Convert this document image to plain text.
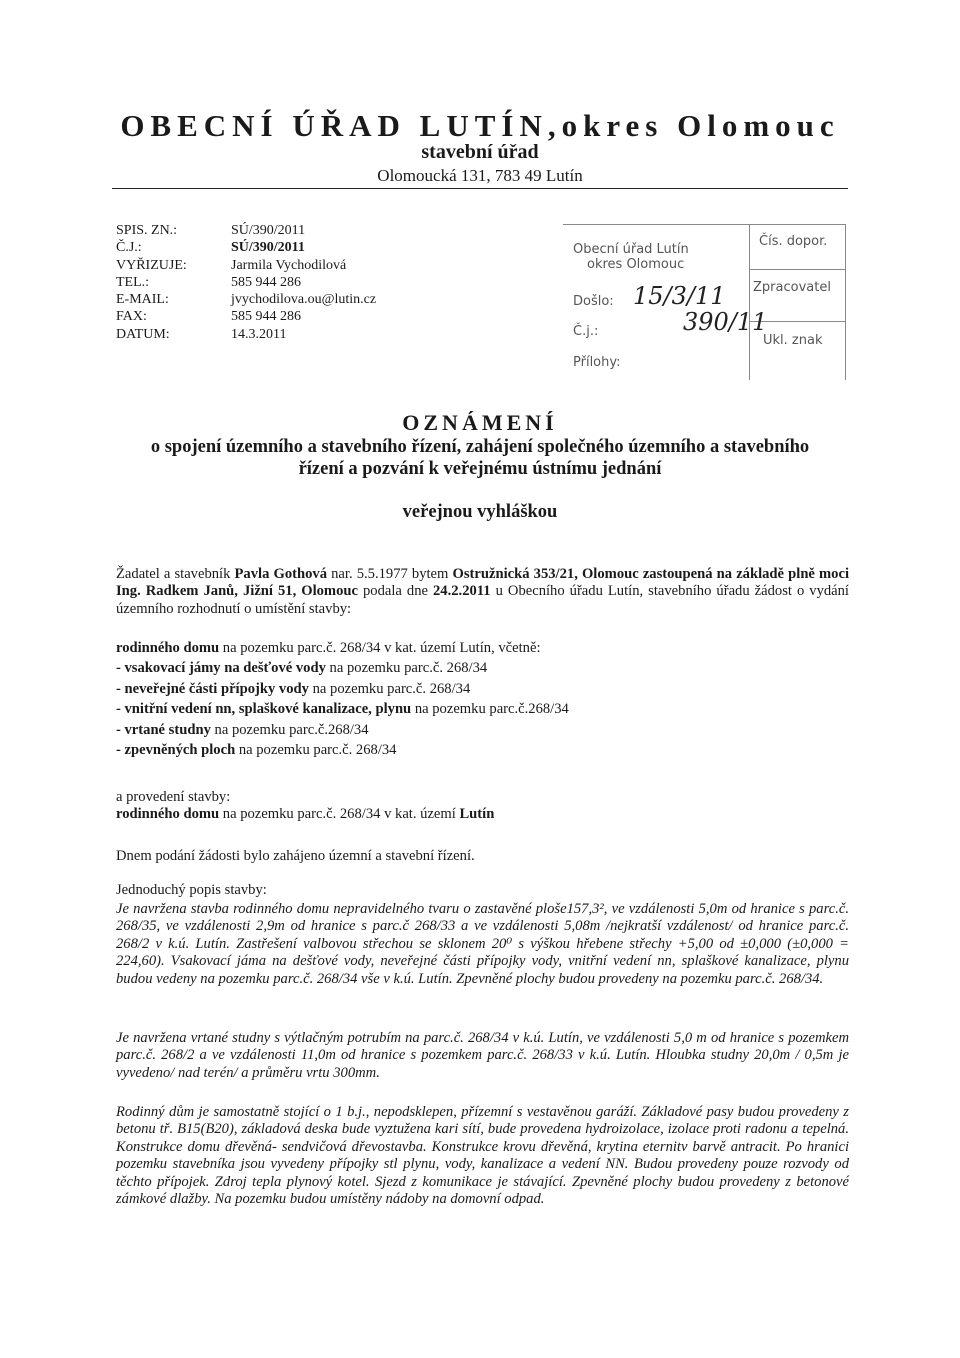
OBECNÍ ÚŘAD LUTÍN,okres Olomouc
stavební úřad
Olomoucká 131, 783 49 Lutín
SPIS. ZN.:	SÚ/390/2011
Č.J.:	SÚ/390/2011
VYŘIZUJE:	Jarmila Vychodilová
TEL.:	585 944 286
E-MAIL:	jvychodilova.ou@lutin.cz
FAX:	585 944 286
DATUM:	14.3.2011
Obecní úřad Lutín
okres Olomouc
Došlo: 15/3/11
Č.j.:	390/11
Přílohy:
Čís. dopor.
Zpracovatel
Ukl. znak
OZNÁMENÍ
o spojení územního a stavebního řízení, zahájení společného územního a stavebního
řízení a pozvání k veřejnému ústnímu jednání
veřejnou vyhláškou
Žadatel a stavebník Pavla Gothová nar. 5.5.1977 bytem Ostružnická 353/21, Olomouc zastoupená na základě plně moci Ing. Radkem Janů, Jižní 51, Olomouc podala dne 24.2.2011 u Obecního úřadu Lutín, stavebního úřadu žádost o vydání územního rozhodnutí o umístění stavby:
rodinného domu na pozemku parc.č. 268/34 v kat. území Lutín, včetně:
- vsakovací jámy na dešťové vody na pozemku parc.č. 268/34
- neveřejné části přípojky vody na pozemku parc.č. 268/34
- vnitřní vedení nn, splaškové kanalizace, plynu na pozemku parc.č.268/34
- vrtané studny na pozemku parc.č.268/34
- zpevněných ploch na pozemku parc.č. 268/34
a provedení stavby:
rodinného domu na pozemku parc.č. 268/34 v kat. území Lutín
Dnem podání žádosti bylo zahájeno územní a stavební řízení.
Jednoduchý popis stavby:
Je navržena stavba rodinného domu nepravidelného tvaru o zastavěné ploše157,3², ve vzdálenosti 5,0m od hranice s parc.č. 268/35, ve vzdálenosti 2,9m od hranice s parc.č 268/33 a ve vzdálenosti 5,08m /nejkratší vzdálenost/ od hranice parc.č. 268/2 v k.ú. Lutín. Zastřešení valbovou střechou se sklonem 20⁰ s výškou hřebene střechy +5,00 od ±0,000 (±0,000 = 224,60). Vsakovací jáma na dešťové vody, neveřejné části přípojky vody, vnitřní vedení nn, splaškové kanalizace, plynu budou vedeny na pozemku parc.č. 268/34 vše v k.ú. Lutín. Zpevněné plochy budou provedeny na pozemku parc.č. 268/34.
Je navržena vrtané studny s výtlačným potrubím na parc.č. 268/34 v k.ú. Lutín, ve vzdálenosti 5,0 m od hranice s pozemkem parc.č. 268/2 a ve vzdálenosti 11,0m od hranice s pozemkem parc.č. 268/33 v k.ú. Lutín. Hloubka studny 20,0m / 0,5m je vyvedeno/ nad terén/ a průměru vrtu 300mm.
Rodinný dům je samostatně stojící o 1 b.j., nepodsklepen, přízemní s vestavěnou garáží. Základové pasy budou provedeny z betonu tř. B15(B20), základová deska bude vyztužena kari sítí, bude provedena hydroizolace, izolace proti radonu a tepelná. Konstrukce domu dřevěná- sendvičová dřevostavba. Konstrukce krovu dřevěná, krytina eternitv barvě antracit. Po hranici pozemku stavebníka jsou vyvedeny přípojky stl plynu, vody, kanalizace a vedení NN. Budou provedeny pouze rozvody od těchto přípojek. Zdroj tepla plynový kotel. Sjezd z komunikace je stávající. Zpevněné plochy budou provedeny z betonové zámkové dlažby. Na pozemku budou umístěny nádoby na domovní odpad.
